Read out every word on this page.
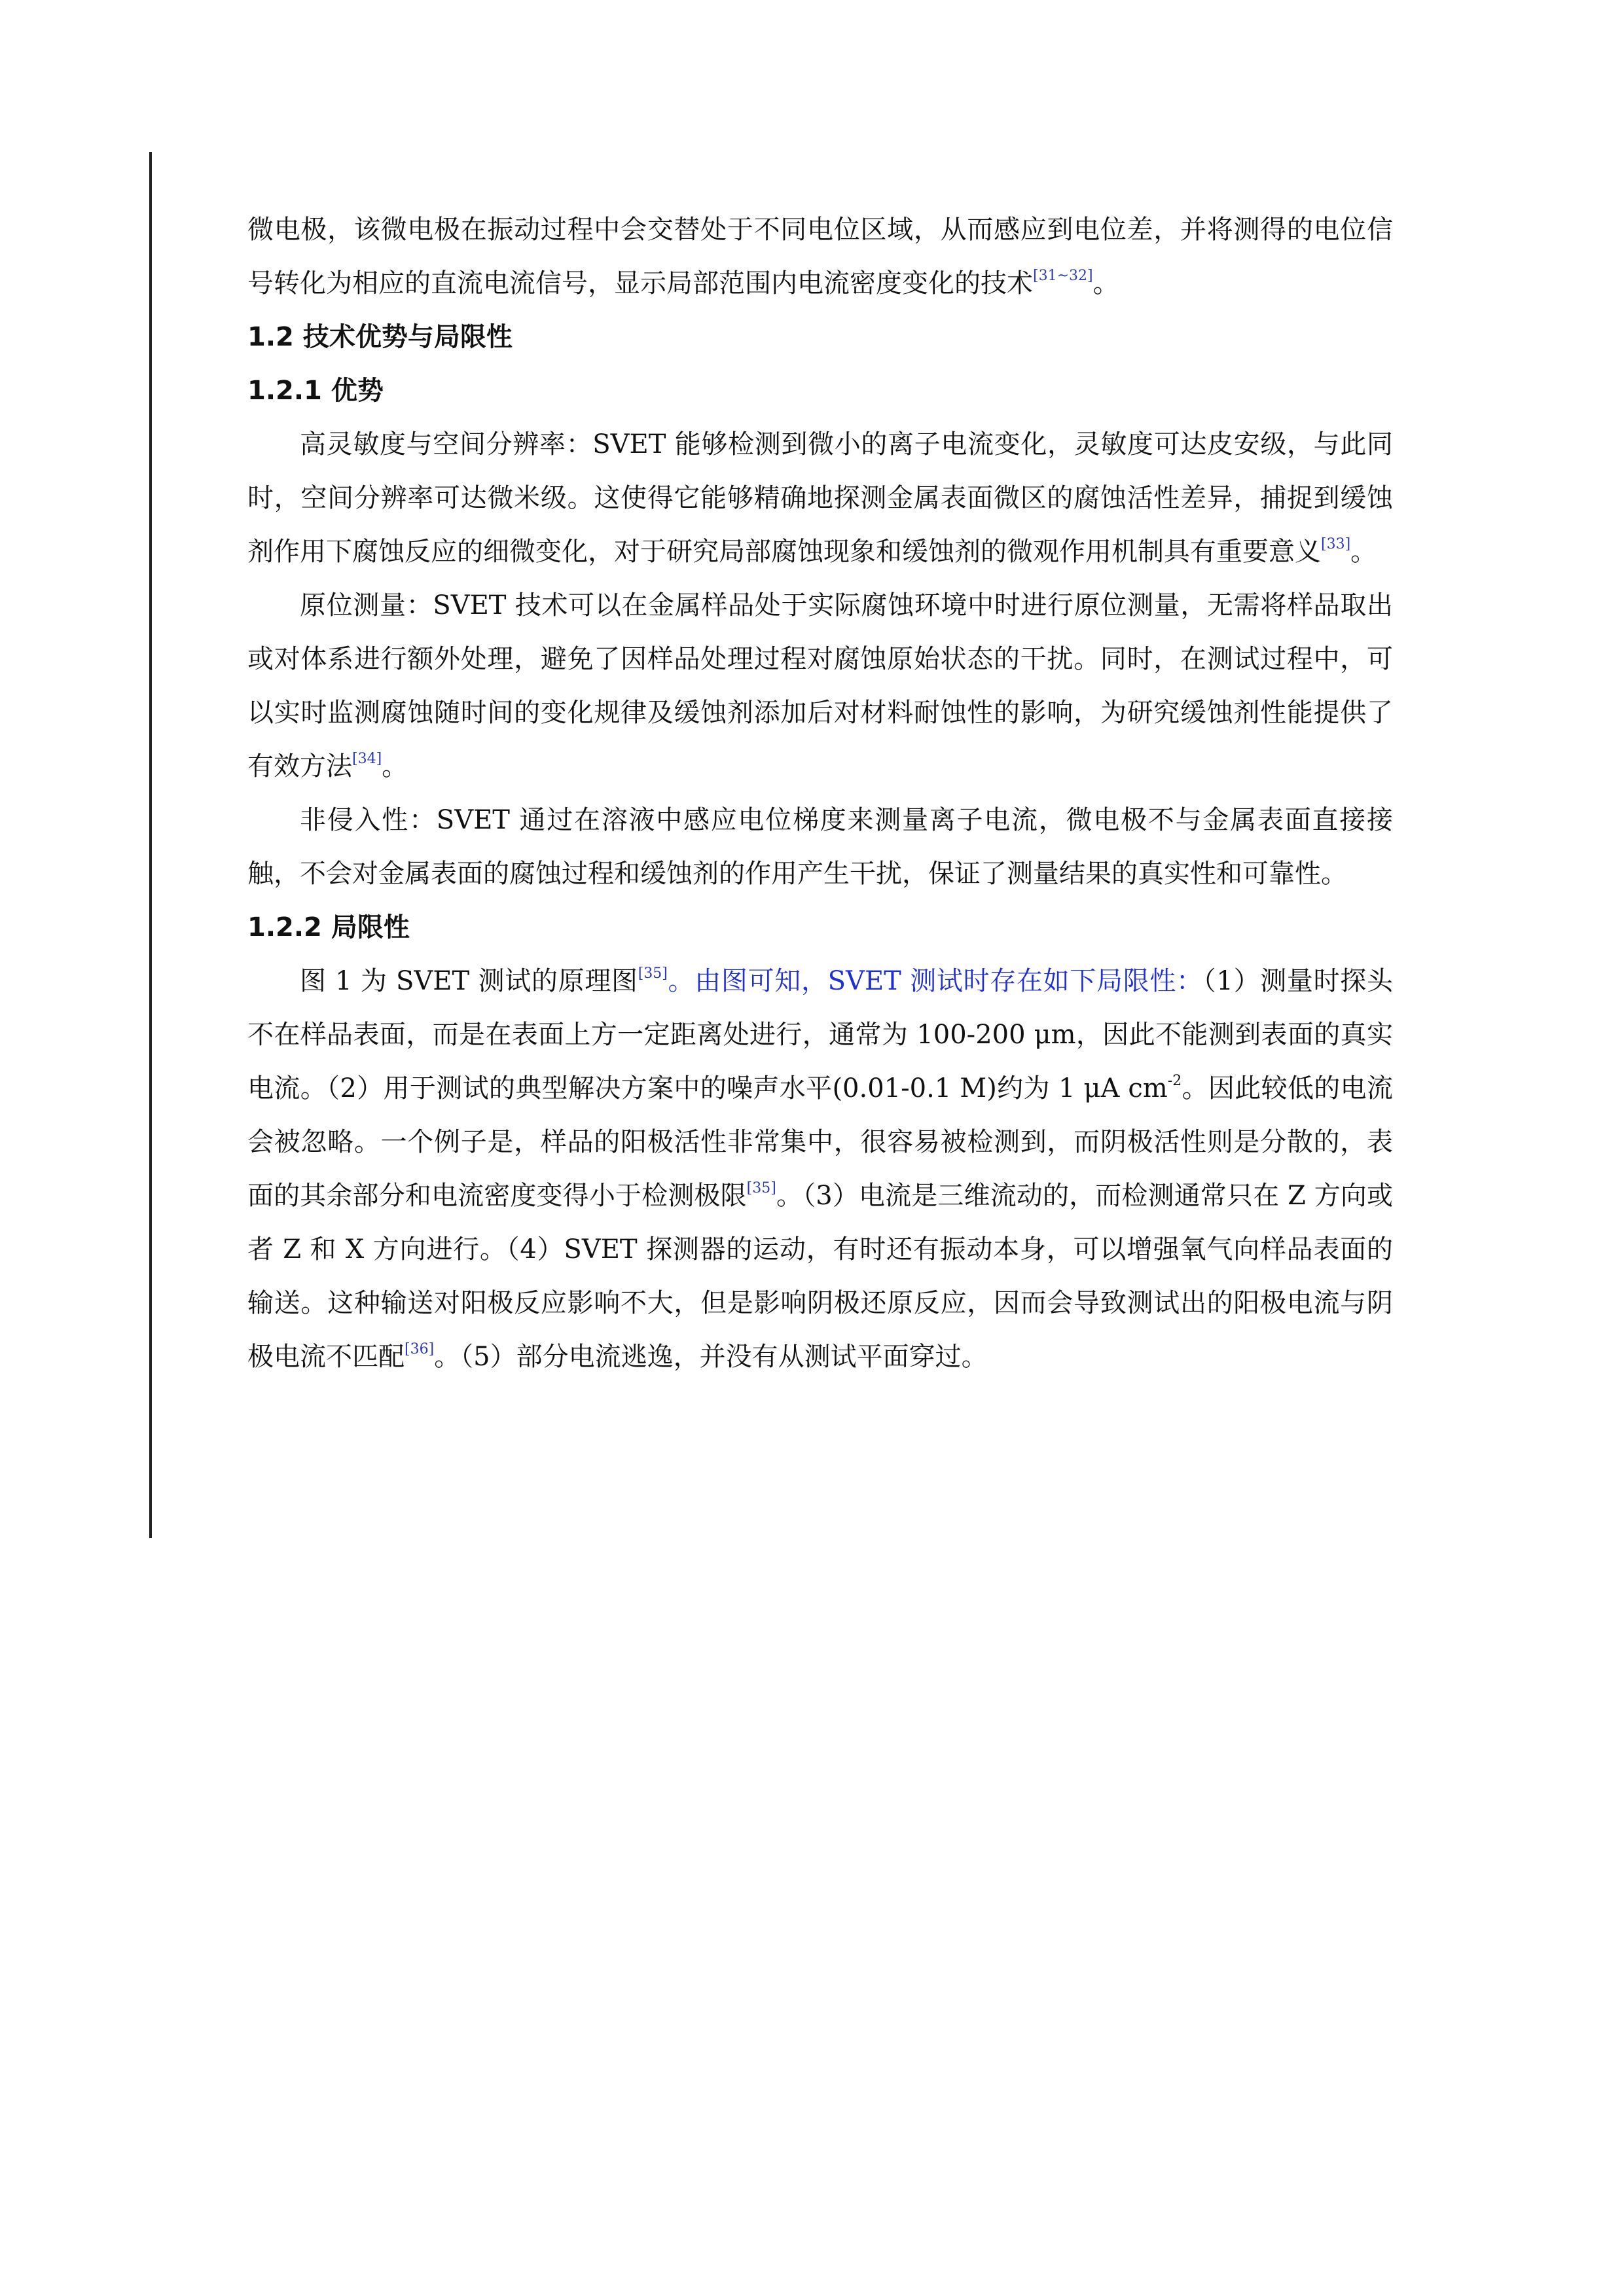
微电极，该微电极在振动过程中会交替处于不同电位区域，从而感应到电位差，并将测得的电位信号转化为相应的直流电流信号，显示局部范围内电流密度变化的技术[31~32]。

1.2 技术优势与局限性
1.2.1 优势

高灵敏度与空间分辨率：SVET 能够检测到微小的离子电流变化，灵敏度可达皮安级，与此同时，空间分辨率可达微米级。这使得它能够精确地探测金属表面微区的腐蚀活性差异，捕捉到缓蚀剂作用下腐蚀反应的细微变化，对于研究局部腐蚀现象和缓蚀剂的微观作用机制具有重要意义[33]。

原位测量：SVET 技术可以在金属样品处于实际腐蚀环境中时进行原位测量，无需将样品取出或对体系进行额外处理，避免了因样品处理过程对腐蚀原始状态的干扰。同时，在测试过程中，可以实时监测腐蚀随时间的变化规律及缓蚀剂添加后对材料耐蚀性的影响，为研究缓蚀剂性能提供了有效方法[34]。

非侵入性：SVET 通过在溶液中感应电位梯度来测量离子电流，微电极不与金属表面直接接触，不会对金属表面的腐蚀过程和缓蚀剂的作用产生干扰，保证了测量结果的真实性和可靠性。

1.2.2 局限性

图 1 为 SVET 测试的原理图[35]。由图可知，SVET 测试时存在如下局限性：（1）测量时探头不在样品表面，而是在表面上方一定距离处进行，通常为 100-200 μm，因此不能测到表面的真实电流。（2）用于测试的典型解决方案中的噪声水平(0.01-0.1 M)约为 1 μA $cm^{-2}$。因此较低的电流会被忽略。一个例子是，样品的阳极活性非常集中，很容易被检测到，而阴极活性则是分散的，表面的其余部分和电流密度变得小于检测极限[35]。（3）电流是三维流动的，而检测通常只在 Z 方向或者 Z 和 X 方向进行。（4）SVET 探测器的运动，有时还有振动本身，可以增强氧气向样品表面的输送。这种输送对阳极反应影响不大，但是影响阴极还原反应，因而会导致测试出的阳极电流与阴极电流不匹配[36]。（5）部分电流逃逸，并没有从测试平面穿过。
